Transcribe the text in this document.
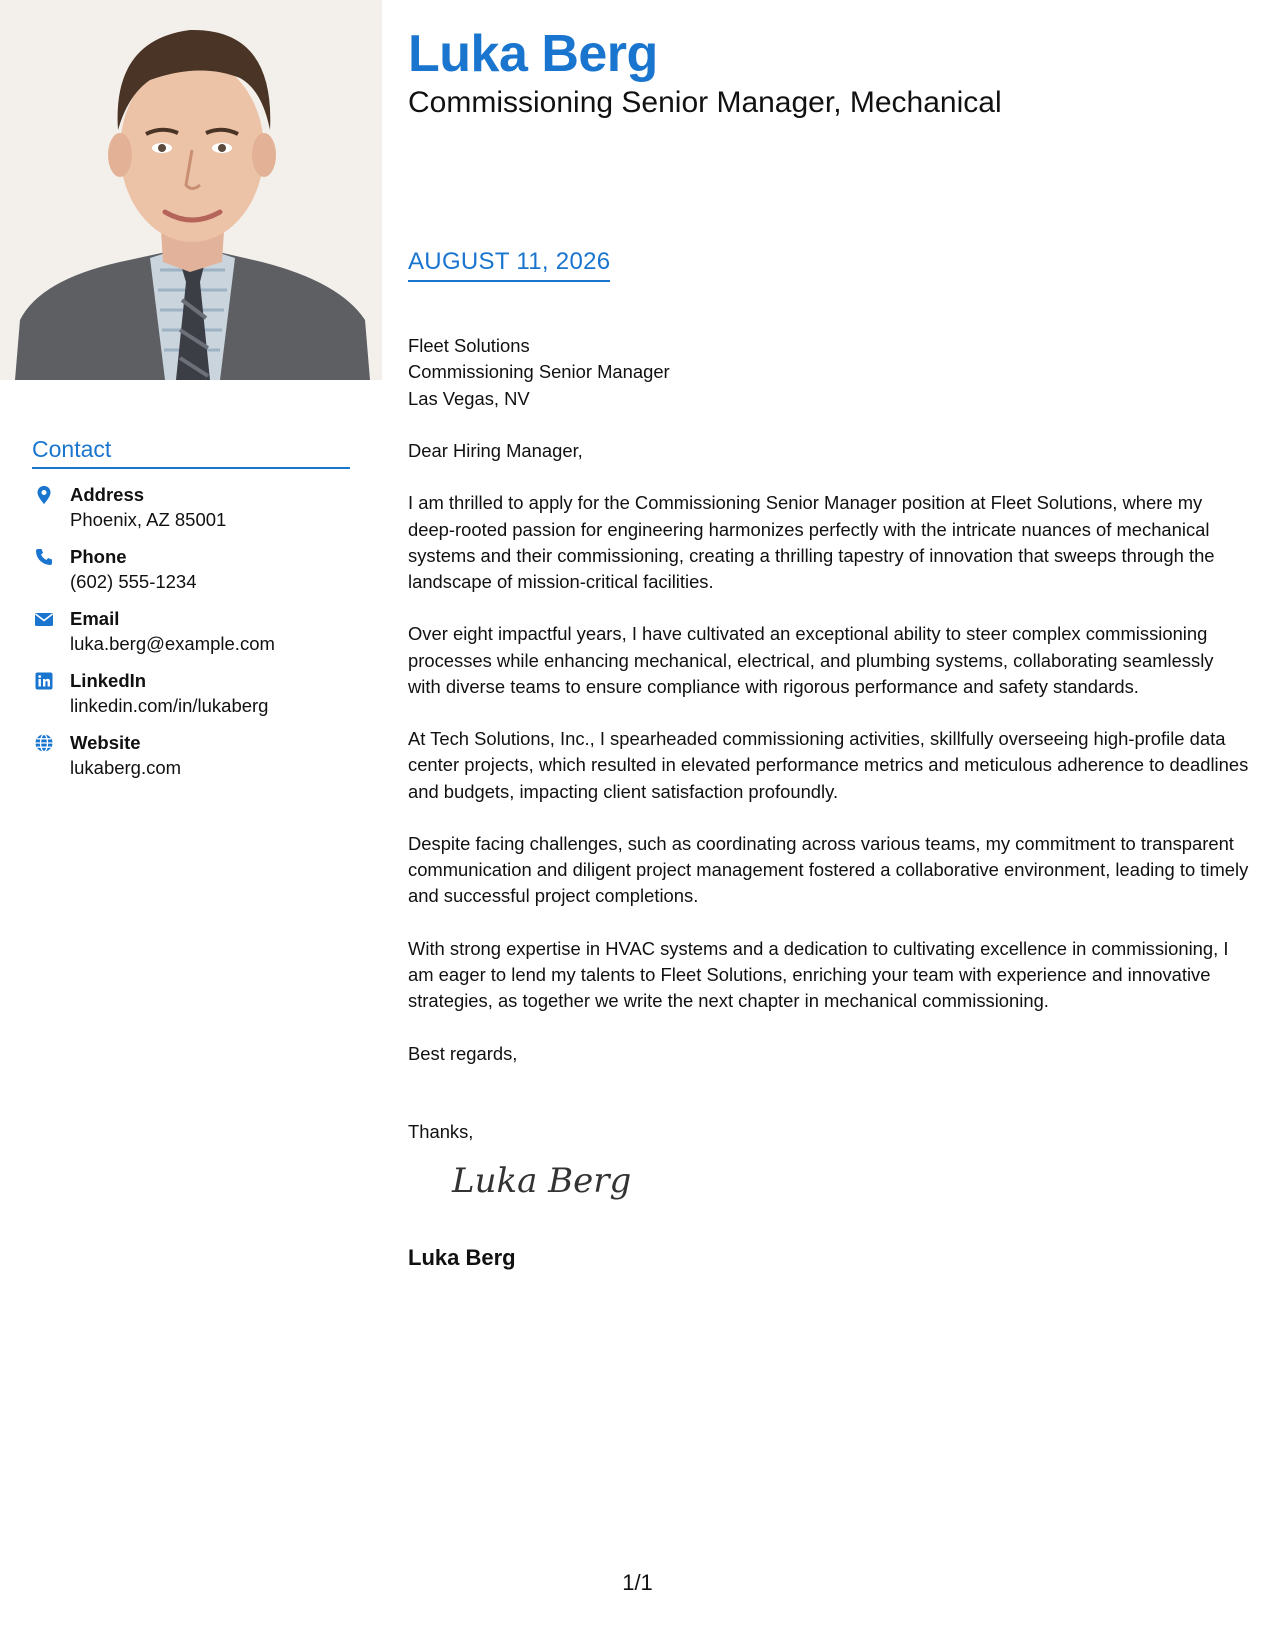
Luka Berg
Commissioning Senior Manager, Mechanical
Contact
Address
Phoenix, AZ 85001
Phone
(602) 555-1234
Email
luka.berg@example.com
LinkedIn
linkedin.com/in/lukaberg
Website
lukaberg.com
AUGUST 11, 2026

Fleet Solutions
Commissioning Senior Manager
Las Vegas, NV

Dear Hiring Manager,

I am thrilled to apply for the Commissioning Senior Manager position at Fleet Solutions, where my deep-rooted passion for engineering harmonizes perfectly with the intricate nuances of mechanical systems and their commissioning, creating a thrilling tapestry of innovation that sweeps through the landscape of mission-critical facilities.

Over eight impactful years, I have cultivated an exceptional ability to steer complex commissioning processes while enhancing mechanical, electrical, and plumbing systems, collaborating seamlessly with diverse teams to ensure compliance with rigorous performance and safety standards.

At Tech Solutions, Inc., I spearheaded commissioning activities, skillfully overseeing high-profile data center projects, which resulted in elevated performance metrics and meticulous adherence to deadlines and budgets, impacting client satisfaction profoundly.

Despite facing challenges, such as coordinating across various teams, my commitment to transparent communication and diligent project management fostered a collaborative environment, leading to timely and successful project completions.

With strong expertise in HVAC systems and a dedication to cultivating excellence in commissioning, I am eager to lend my talents to Fleet Solutions, enriching your team with experience and innovative strategies, as together we write the next chapter in mechanical commissioning.

Best regards,

Thanks,

Luka Berg
Luka Berg
1/1
